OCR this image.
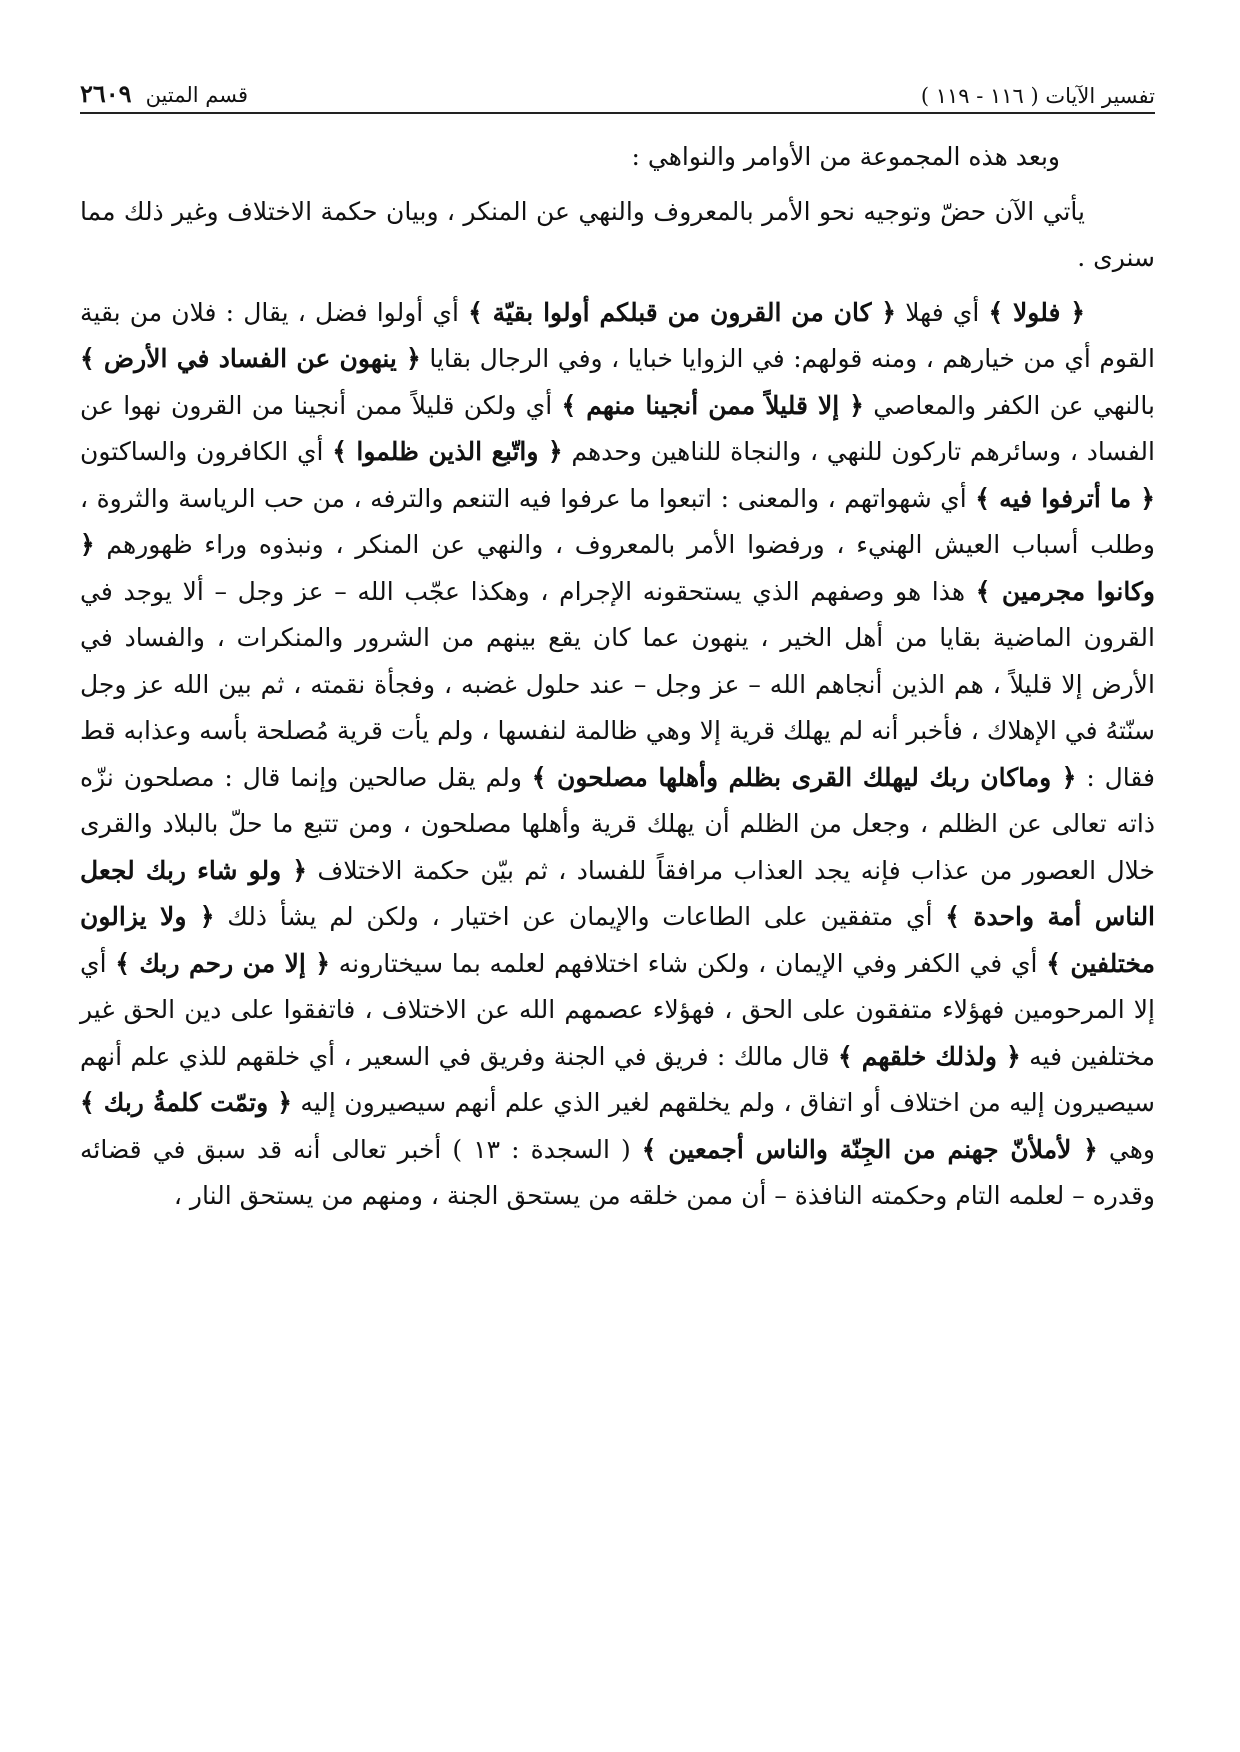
تفسير الآيات ( ١١٦ - ١١٩ )
قسم المتين
٢٦٠٩

وبعد هذه المجموعة من الأوامر والنواهي :

يأتي الآن حضّ وتوجيه نحو الأمر بالمعروف والنهي عن المنكر ، وبيان حكمة الاختلاف وغير ذلك مما سنرى .

﴿ فلولا ﴾ أي فهلا ﴿ كان من القرون من قبلكم أولوا بقيّة ﴾ أي أولوا فضل ، يقال : فلان من بقية القوم أي من خيارهم ، ومنه قولهم: في الزوايا خبايا ، وفي الرجال بقايا ﴿ ينهون عن الفساد في الأرض ﴾ بالنهي عن الكفر والمعاصي ﴿ إلا قليلاً ممن أنجينا منهم ﴾ أي ولكن قليلاً ممن أنجينا من القرون نهوا عن الفساد ، وسائرهم تاركون للنهي ، والنجاة للناهين وحدهم ﴿ واتّبع الذين ظلموا ﴾ أي الكافرون والساكتون ﴿ ما أترفوا فيه ﴾ أي شهواتهم ، والمعنى : اتبعوا ما عرفوا فيه التنعم والترفه ، من حب الرياسة والثروة ، وطلب أسباب العيش الهنيء ، ورفضوا الأمر بالمعروف ، والنهي عن المنكر ، ونبذوه وراء ظهورهم ﴿ وكانوا مجرمين ﴾ هذا هو وصفهم الذي يستحقونه الإجرام ، وهكذا عجّب الله – عز وجل – ألا يوجد في القرون الماضية بقايا من أهل الخير ، ينهون عما كان يقع بينهم من الشرور والمنكرات ، والفساد في الأرض إلا قليلاً ، هم الذين أنجاهم الله – عز وجل – عند حلول غضبه ، وفجأة نقمته ، ثم بين الله عز وجل سنّتهُ في الإهلاك ، فأخبر أنه لم يهلك قرية إلا وهي ظالمة لنفسها ، ولم يأت قرية مُصلحة بأسه وعذابه قط فقال : ﴿ وماكان ربك ليهلك القرى بظلم وأهلها مصلحون ﴾ ولم يقل صالحين وإنما قال : مصلحون نزّه ذاته تعالى عن الظلم ، وجعل من الظلم أن يهلك قرية وأهلها مصلحون ، ومن تتبع ما حلّ بالبلاد والقرى خلال العصور من عذاب فإنه يجد العذاب مرافقاً للفساد ، ثم بيّن حكمة الاختلاف ﴿ ولو شاء ربك لجعل الناس أمة واحدة ﴾ أي متفقين على الطاعات والإيمان عن اختيار ، ولكن لم يشأ ذلك ﴿ ولا يزالون مختلفين ﴾ أي في الكفر وفي الإيمان ، ولكن شاء اختلافهم لعلمه بما سيختارونه ﴿ إلا من رحم ربك ﴾ أي إلا المرحومين فهؤلاء متفقون على الحق ، فهؤلاء عصمهم الله عن الاختلاف ، فاتفقوا على دين الحق غير مختلفين فيه ﴿ ولذلك خلقهم ﴾ قال مالك : فريق في الجنة وفريق في السعير ، أي خلقهم للذي علم أنهم سيصيرون إليه من اختلاف أو اتفاق ، ولم يخلقهم لغير الذي علم أنهم سيصيرون إليه ﴿ وتمّت كلمةُ ربك ﴾ وهي ﴿ لأملأنّ جهنم من الجِنّة والناس أجمعين ﴾ ( السجدة : ١٣ ) أخبر تعالى أنه قد سبق في قضائه وقدره – لعلمه التام وحكمته النافذة – أن ممن خلقه من يستحق الجنة ، ومنهم من يستحق النار ،
